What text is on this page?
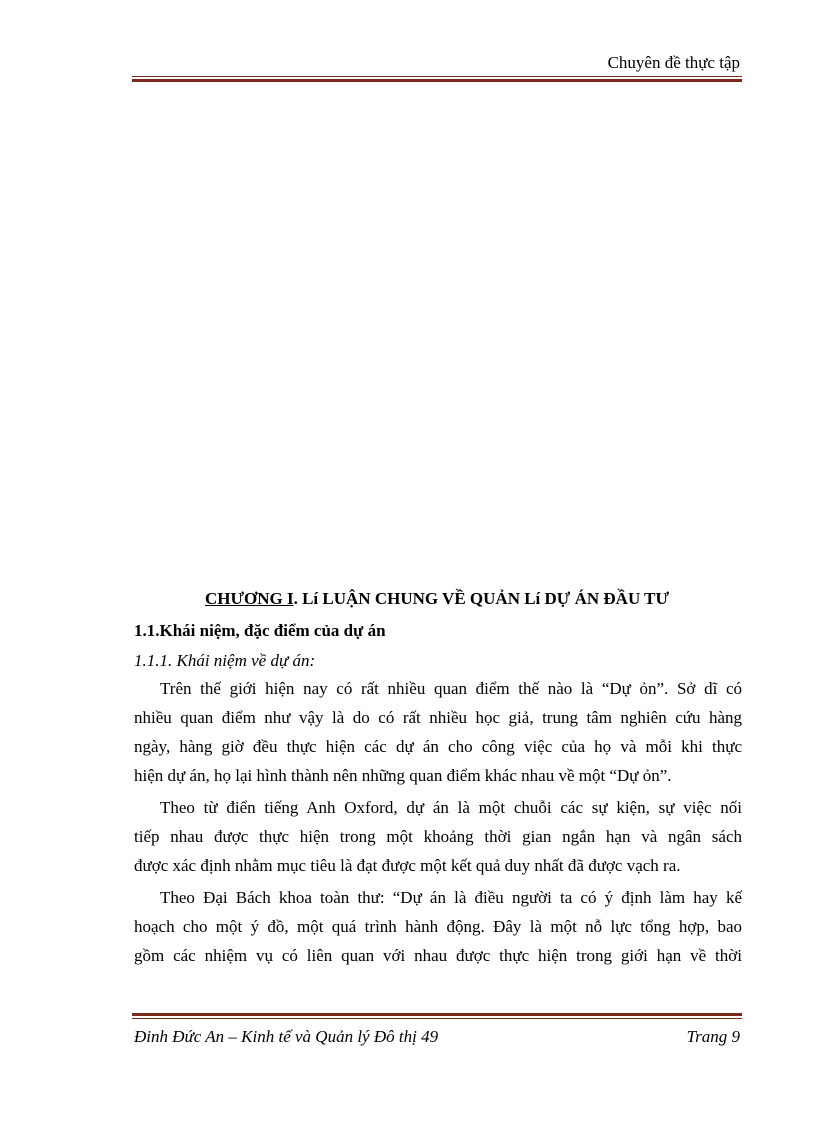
Chuyên đề thực tập
CHƯƠNG I. Lí LUẬN CHUNG VỀ QUẢN Lí DỰ ÁN ĐẦU TƯ
1.1.Khái niệm, đặc điểm của dự án
1.1.1. Khái niệm về dự án:
Trên thế giới hiện nay có rất nhiều quan điểm thế nào là “Dự ỏn”. Sở dĩ có
nhiều quan điểm như vậy là do có rất nhiều học giả, trung tâm nghiên cứu hàng
ngày, hàng giờ đều thực hiện các dự án cho công việc của họ và mỗi khi thực
hiện dự án, họ lại hình thành nên những quan điểm khác nhau về một “Dự ỏn”.
Theo từ điển tiếng Anh Oxford, dự án là một chuỗi các sự kiện, sự việc nối
tiếp nhau được thực hiện trong một khoảng thời gian ngắn hạn và ngân sách
được xác định nhằm mục tiêu là đạt được một kết quả duy nhất đã được vạch ra.
Theo Đại Bách khoa toàn thư: “Dự án là điều người ta có ý định làm hay kế
hoạch cho một ý đồ, một quá trình hành động. Đây là một nỗ lực tổng hợp, bao
gồm các nhiệm vụ có liên quan với nhau được thực hiện trong giới hạn về thời
Đinh Đức An – Kinh tế và Quản lý Đô thị 49	Trang 9
